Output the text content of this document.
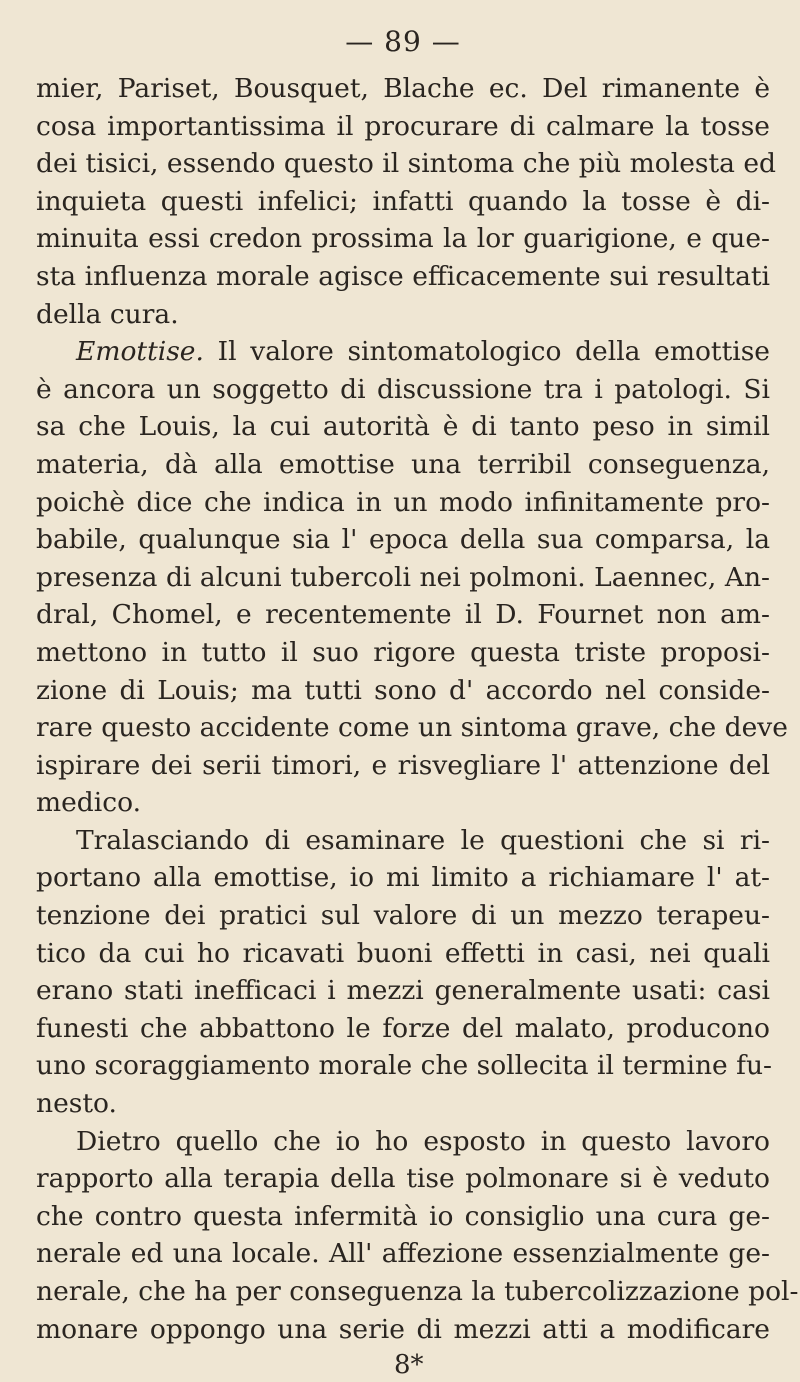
— 89 —
mier, Pariset, Bousquet, Blache ec. Del rimanente è
cosa importantissima il procurare di calmare la tosse
dei tisici, essendo questo il sintoma che più molesta ed
inquieta questi infelici; infatti quando la tosse è di-
minuita essi credon prossima la lor guarigione, e que-
sta influenza morale agisce efficacemente sui resultati
della cura.
Emottise. Il valore sintomatologico della emottise
è ancora un soggetto di discussione tra i patologi. Si
sa che Louis, la cui autorità è di tanto peso in simil
materia, dà alla emottise una terribil conseguenza,
poichè dice che indica in un modo infinitamente pro-
babile, qualunque sia l' epoca della sua comparsa, la
presenza di alcuni tubercoli nei polmoni. Laennec, An-
dral, Chomel, e recentemente il D. Fournet non am-
mettono in tutto il suo rigore questa triste proposi-
zione di Louis; ma tutti sono d' accordo nel conside-
rare questo accidente come un sintoma grave, che deve
ispirare dei serii timori, e risvegliare l' attenzione del
medico.
Tralasciando di esaminare le questioni che si ri-
portano alla emottise, io mi limito a richiamare l' at-
tenzione dei pratici sul valore di un mezzo terapeu-
tico da cui ho ricavati buoni effetti in casi, nei quali
erano stati inefficaci i mezzi generalmente usati: casi
funesti che abbattono le forze del malato, producono
uno scoraggiamento morale che sollecita il termine fu-
nesto.
Dietro quello che io ho esposto in questo lavoro
rapporto alla terapia della tise polmonare si è veduto
che contro questa infermità io consiglio una cura ge-
nerale ed una locale. All' affezione essenzialmente ge-
nerale, che ha per conseguenza la tubercolizzazione pol-
monare oppongo una serie di mezzi atti a modificare
8*
